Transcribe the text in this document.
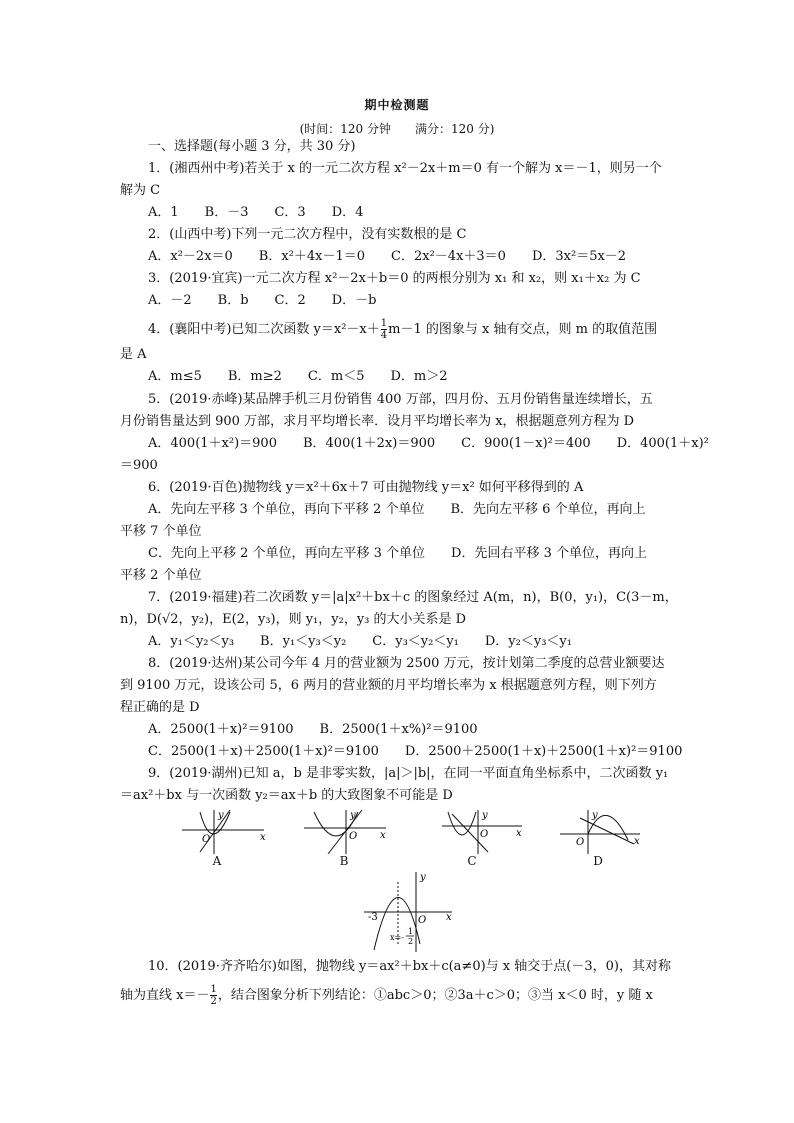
期中检测题
(时间：120 分钟　　满分：120 分)
一、选择题(每小题 3 分，共 30 分)
1．(湘西州中考)若关于 x 的一元二次方程 x²－2x＋m＝0 有一个解为 x＝－1，则另一个
解为 C
A．1　　B．－3　　C．3　　D．4
2．(山西中考)下列一元二次方程中，没有实数根的是 C
A．x²－2x＝0　　B．x²＋4x－1＝0　　C．2x²－4x＋3＝0　　D．3x²＝5x－2
3．(2019·宜宾)一元二次方程 x²－2x＋b＝0 的两根分别为 x₁ 和 x₂，则 x₁＋x₂ 为 C
A．－2　　B．b　　C．2　　D．－b
4．(襄阳中考)已知二次函数 $y=x^2-x+ \frac{1}{4} m-1$ 的图象与 x 轴有交点，则 m 的取值范围
是 A
A．m≤5　　B．m≥2　　C．m＜5　　D．m＞2
5．(2019·赤峰)某品牌手机三月份销售 400 万部，四月份、五月份销售量连续增长，五
月份销售量达到 900 万部，求月平均增长率．设月平均增长率为 x，根据题意列方程为 D
A．400(1＋x²)＝900　　B．400(1＋2x)＝900　　C．900(1－x)²＝400　　D．400(1＋x)²
＝900
6．(2019·百色)抛物线 y＝x²＋6x＋7 可由抛物线 y＝x² 如何平移得到的 A
A．先向左平移 3 个单位，再向下平移 2 个单位　　B．先向左平移 6 个单位，再向上
平移 7 个单位
C．先向上平移 2 个单位，再向左平移 3 个单位　　D．先回右平移 3 个单位，再向上
平移 2 个单位
7．(2019·福建)若二次函数 y＝|a|x²＋bx＋c 的图象经过 A(m，n)，B(0，y₁)，C(3－m，
n)，D(√2，y₂)，E(2，y₃)，则 y₁，y₂，y₃ 的大小关系是 D
A．y₁＜y₂＜y₃　　B．y₁＜y₃＜y₂　　C．y₃＜y₂＜y₁　　D．y₂＜y₃＜y₁
8．(2019·达州)某公司今年 4 月的营业额为 2500 万元，按计划第二季度的总营业额要达
到 9100 万元，设该公司 5，6 两月的营业额的月平均增长率为 x 根据题意列方程，则下列方
程正确的是 D
A．2500(1＋x)²＝9100　　B．2500(1＋x%)²＝9100
C．2500(1＋x)＋2500(1＋x)²＝9100　　D．2500＋2500(1＋x)＋2500(1＋x)²＝9100
9．(2019·湖州)已知 a，b 是非零实数，|a|＞|b|，在同一平面直角坐标系中，二次函数 y₁
＝ax²＋bx 与一次函数 y₂＝ax＋b 的大致图象不可能是 D
x
y
O
A
x
y
O
B
x
y
O
C
x
y
O
D
-3	x
y
O
x=-
1
2
10．(2019·齐齐哈尔)如图，抛物线 y＝ax²＋bx＋c(a≠0)与 x 轴交于点(－3，0)，其对称
轴为直线 $x=- \frac{1}{2}$ ，结合图象分析下列结论：①abc＞0；②3a＋c＞0；③当 x＜0 时，y 随 x
